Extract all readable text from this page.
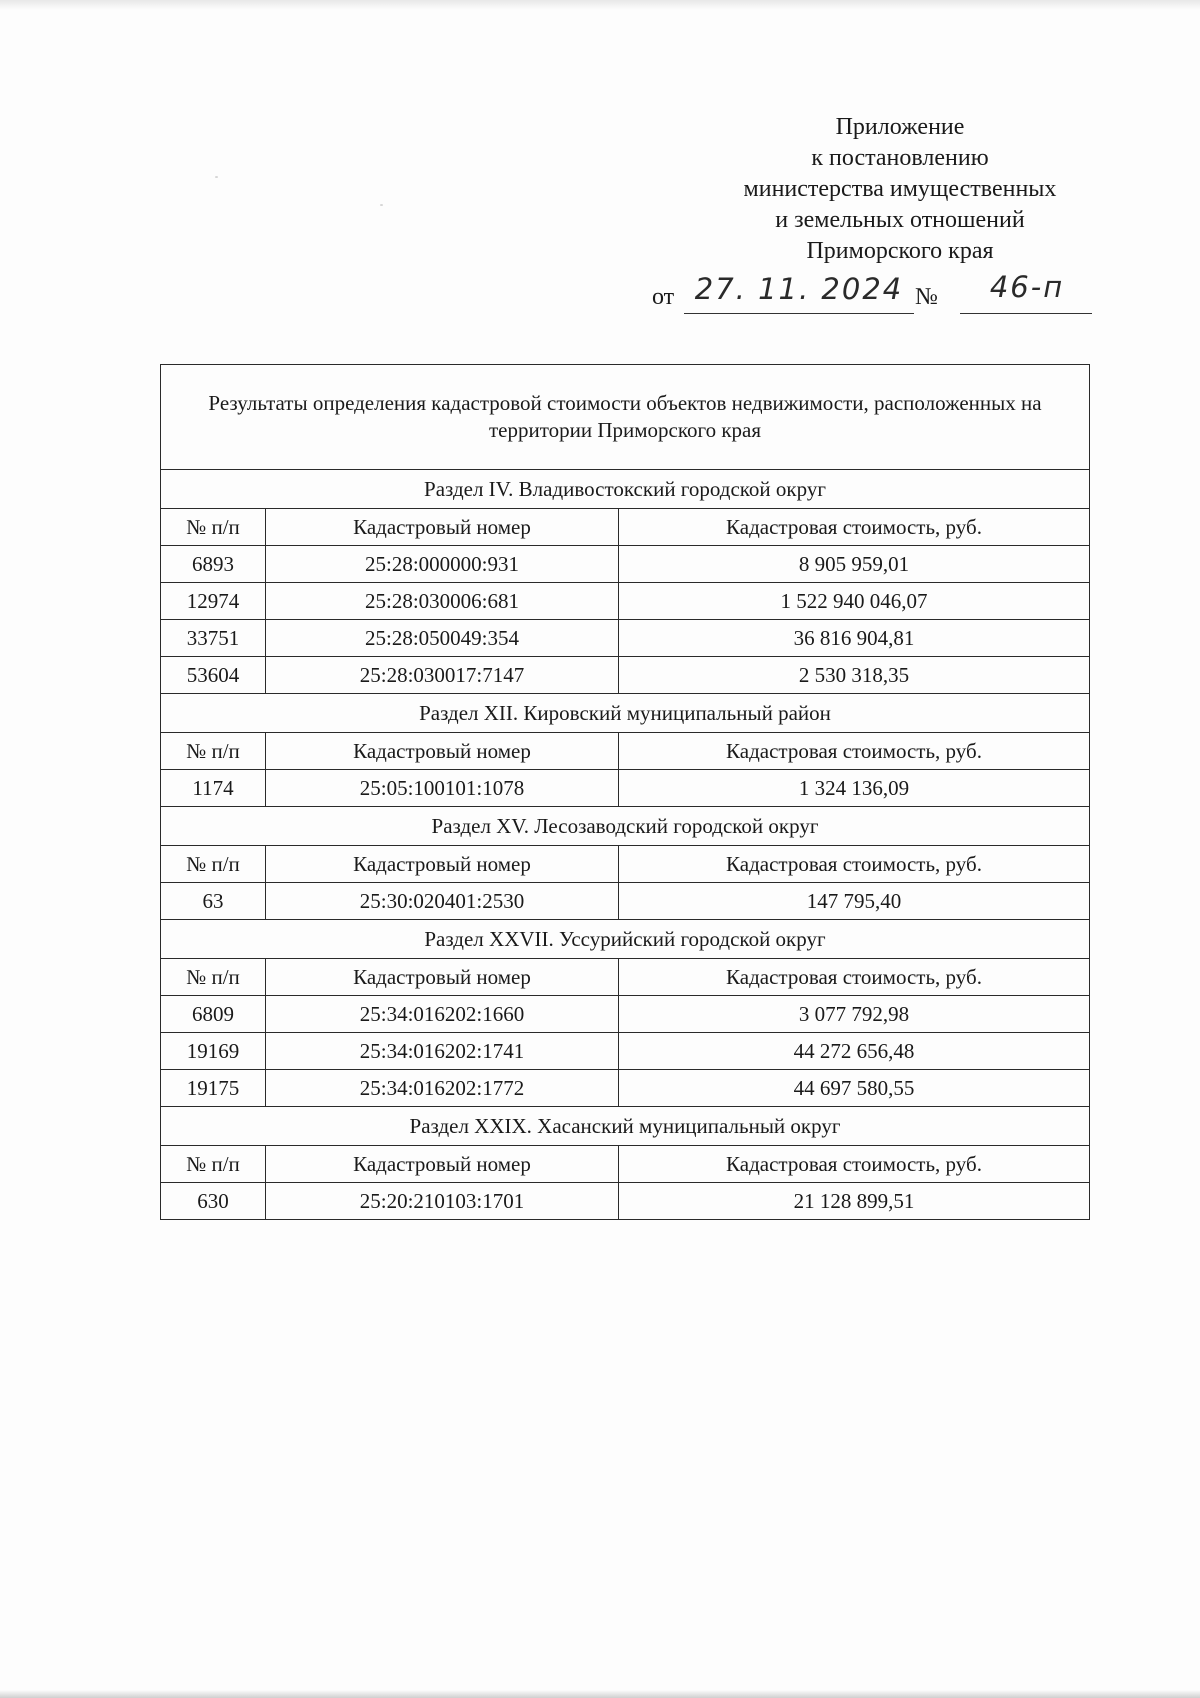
Приложение
к постановлению
министерства имущественных
и земельных отношений
Приморского края
от 27. 11. 2024 №	46-п
Результаты определения кадастровой стоимости объектов недвижимости, расположенных на территории Приморского края		
Раздел IV. Владивостокский городской округ		
№ п/п	Кадастровый номер	Кадастровая стоимость, руб.
6893	25:28:000000:931	8 905 959,01
12974	25:28:030006:681	1 522 940 046,07
33751	25:28:050049:354	36 816 904,81
53604	25:28:030017:7147	2 530 318,35
Раздел XII. Кировский муниципальный район		
№ п/п	Кадастровый номер	Кадастровая стоимость, руб.
1174	25:05:100101:1078	1 324 136,09
Раздел XV. Лесозаводский городской округ		
№ п/п	Кадастровый номер	Кадастровая стоимость, руб.
63	25:30:020401:2530	147 795,40
Раздел XXVII. Уссурийский городской округ		
№ п/п	Кадастровый номер	Кадастровая стоимость, руб.
6809	25:34:016202:1660	3 077 792,98
19169	25:34:016202:1741	44 272 656,48
19175	25:34:016202:1772	44 697 580,55
Раздел XXIX. Хасанский муниципальный округ		
№ п/п	Кадастровый номер	Кадастровая стоимость, руб.
630	25:20:210103:1701	21 128 899,51
